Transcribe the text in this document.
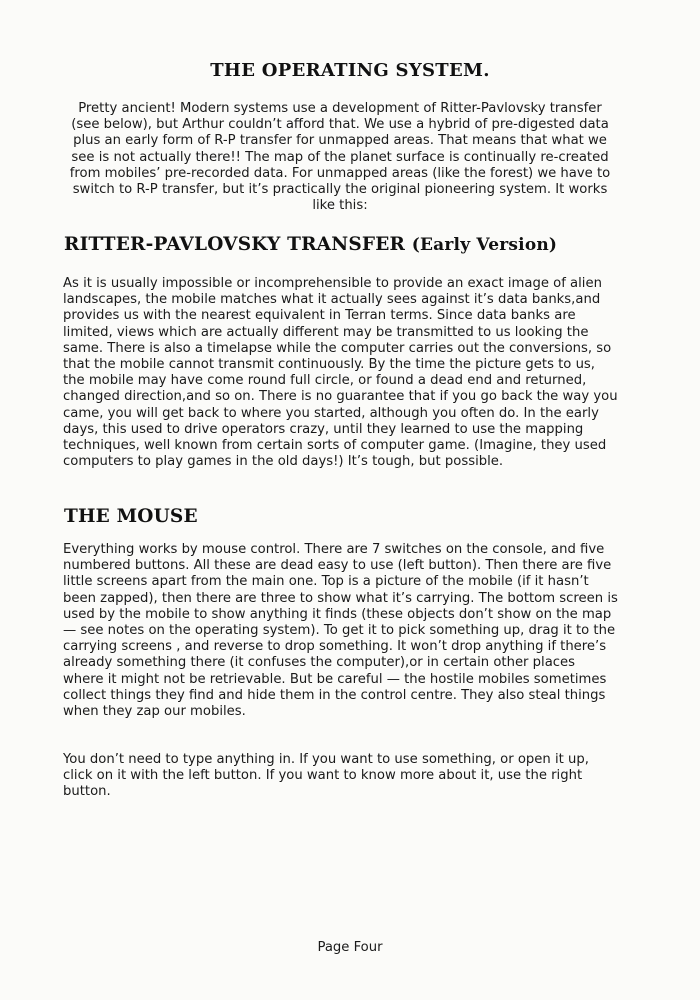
THE OPERATING SYSTEM.

Pretty ancient! Modern systems use a development of Ritter-Pavlovsky transfer (see below), but Arthur couldn’t afford that. We use a hybrid of pre-digested data plus an early form of R-P transfer for unmapped areas. That means that what we see is not actually there!! The map of the planet surface is continually re-created from mobiles’ pre-recorded data. For unmapped areas (like the forest) we have to switch to R-P transfer, but it’s practically the original pioneering system. It works like this:

RITTER-PAVLOVSKY TRANSFER (Early Version)

As it is usually impossible or incomprehensible to provide an exact image of alien landscapes, the mobile matches what it actually sees against it’s data banks,and provides us with the nearest equivalent in Terran terms. Since data banks are limited, views which are actually different may be transmitted to us looking the same. There is also a timelapse while the computer carries out the conversions, so that the mobile cannot transmit continuously. By the time the picture gets to us, the mobile may have come round full circle, or found a dead end and returned, changed direction,and so on. There is no guarantee that if you go back the way you came, you will get back to where you started, although you often do. In the early days, this used to drive operators crazy, until they learned to use the mapping techniques, well known from certain sorts of computer game. (Imagine, they used computers to play games in the old days!) It’s tough, but possible.

THE MOUSE

Everything works by mouse control. There are 7 switches on the console, and five numbered buttons. All these are dead easy to use (left button). Then there are five little screens apart from the main one. Top is a picture of the mobile (if it hasn’t been zapped), then there are three to show what it’s carrying. The bottom screen is used by the mobile to show anything it finds (these objects don’t show on the map — see notes on the operating system). To get it to pick something up, drag it to the carrying screens , and reverse to drop something. It won’t drop anything if there’s already something there (it confuses the computer),or in certain other places where it might not be retrievable. But be careful — the hostile mobiles sometimes collect things they find and hide them in the control centre. They also steal things when they zap our mobiles.

You don’t need to type anything in. If you want to use something, or open it up, click on it with the left button. If you want to know more about it, use the right button.

Page Four
